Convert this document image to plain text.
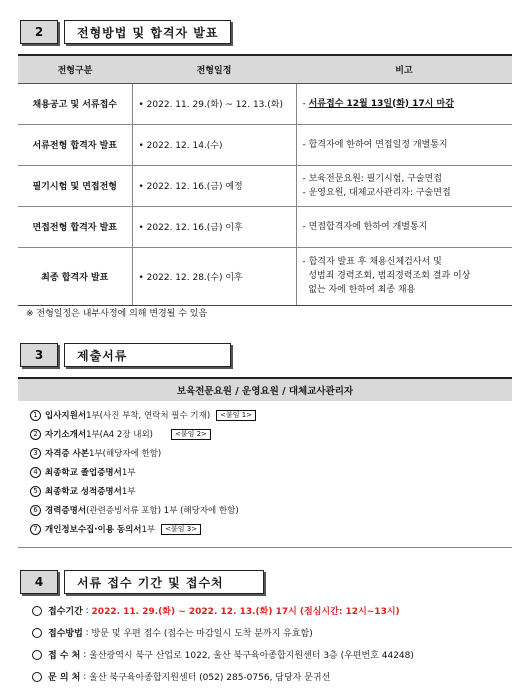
2	전형방법 및 합격자 발표
전형구분	전형일정	비고
채용공고 및 서류접수	• 2022. 11. 29.(화) ~ 12. 13.(화)	- 서류접수 12월 13일(화) 17시 마감
서류전형 합격자 발표	• 2022. 12. 14.(수)	- 합격자에 한하여 면접일정 개별통지
필기시험 및 면접전형	• 2022. 12. 16.(금) 예정	- 보육전문요원: 필기시험, 구술면접
- 운영요원, 대체교사관리자: 구술면접
면접전형 합격자 발표	• 2022. 12. 16.(금) 이후	- 면접합격자에 한하여 개별통지
최종 합격자 발표	• 2022. 12. 28.(수) 이후	- 합격자 발표 후 채용신체검사서 및
성범죄 경력조회, 범죄경력조회 결과 이상
없는 자에 한하여 최종 채용
※ 전형일정은 내부사정에 의해 변경될 수 있음
3	제출서류
보육전문요원 / 운영요원 / 대체교사관리자
1 입사지원서 1부(사진 부착, 연락처 필수 기재)	<붙임 1>
2 자기소개서 1부(A4 2장 내외)	<붙임 2>
3 자격증 사본 1부(해당자에 한함)
4 최종학교 졸업증명서 1부
5 최종학교 성적증명서 1부
6 경력증명서 (관련증빙서류 포함) 1부 (해당자에 한함)
7 개인정보수집·이용 동의서 1부	<붙임 3>
4	서류 접수 기간 및 접수처
접수기간 : 2022. 11. 29.(화) ~ 2022. 12. 13.(화) 17시 (점심시간: 12시~13시)
접수방법 : 방문 및 우편 접수 (접수는 마감일시 도착 분까지 유효함)
접 수 처 : 울산광역시 북구 산업로 1022, 울산 북구육아종합지원센터 3층 (우편번호 44248)
문 의 처 : 울산 북구육아종합지원센터 (052) 285-0756, 담당자 문귀선
